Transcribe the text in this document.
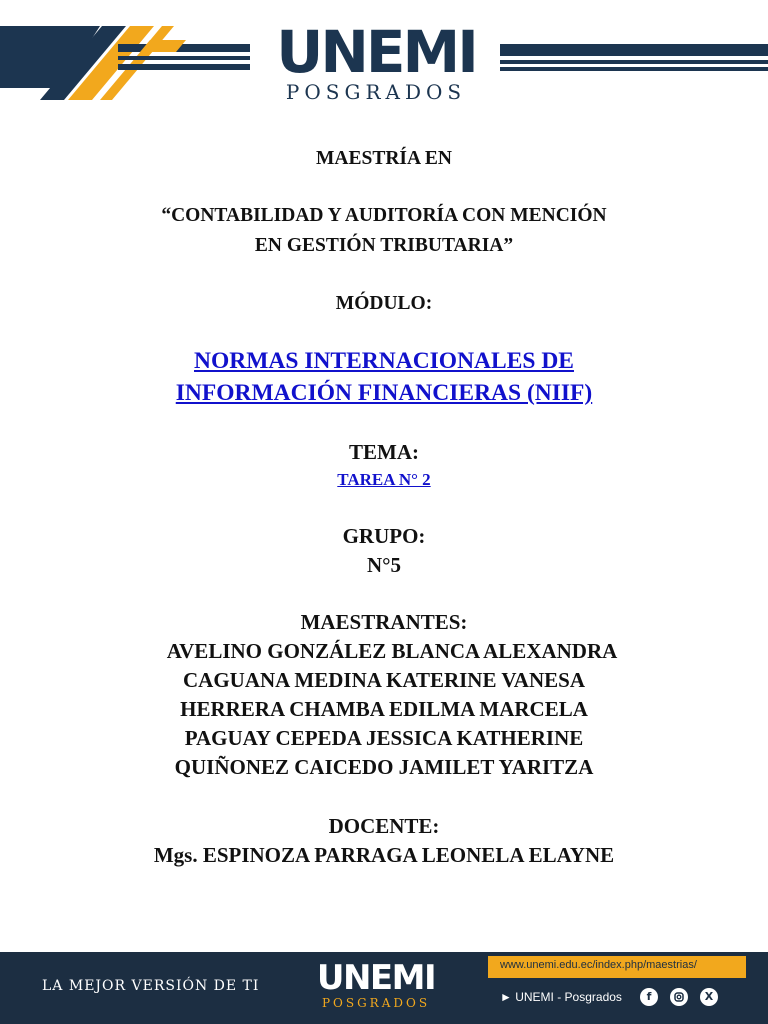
UNEMI
POSGRADOS
MAESTRÍA EN
“CONTABILIDAD Y AUDITORÍA CON MENCIÓN
EN GESTIÓN TRIBUTARIA”
MÓDULO:
NORMAS INTERNACIONALES DE
INFORMACIÓN FINANCIERAS (NIIF)
TEMA:
TAREA N° 2
GRUPO:
N°5
MAESTRANTES:
AVELINO GONZÁLEZ BLANCA ALEXANDRA
CAGUANA MEDINA KATERINE VANESA
HERRERA CHAMBA EDILMA MARCELA
PAGUAY CEPEDA JESSICA KATHERINE
QUIÑONEZ CAICEDO JAMILET YARITZA
DOCENTE:
Mgs. ESPINOZA PARRAGA LEONELA ELAYNE
LA MEJOR VERSIÓN DE TI	UNEMI
POSGRADOS
www.unemi.edu.ec/index.php/maestrias/
► UNEMI - Posgrados	f	X
